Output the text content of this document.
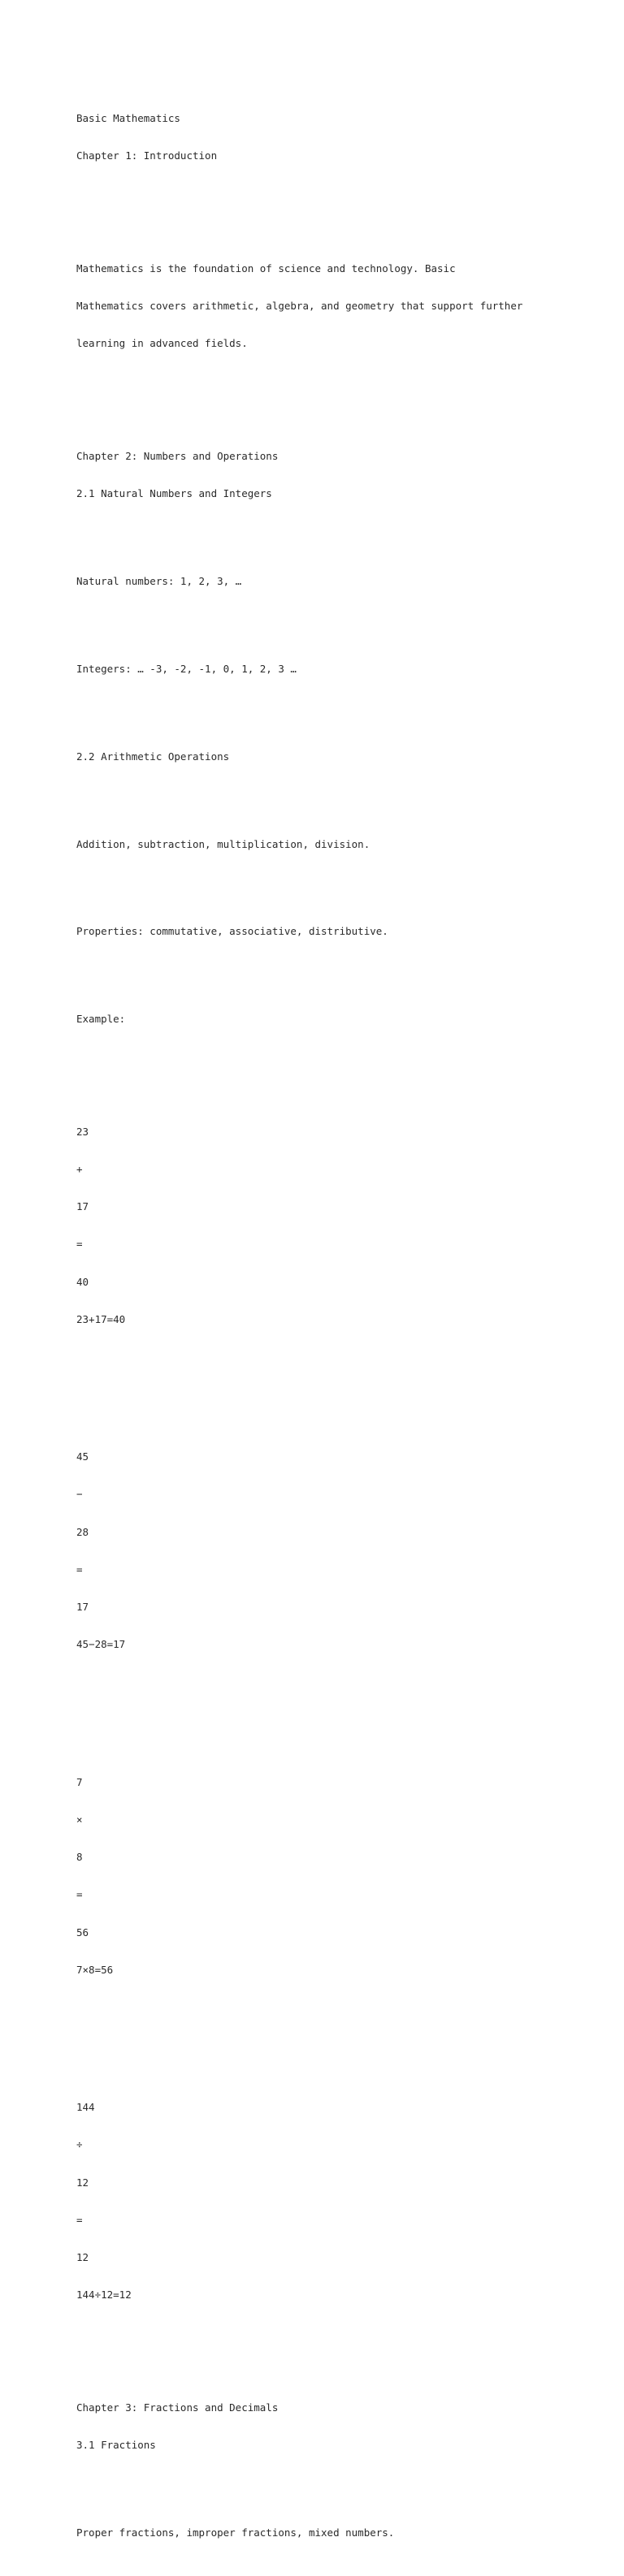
Basic Mathematics

Chapter 1: Introduction

Mathematics is the foundation of science and technology. Basic

Mathematics covers arithmetic, algebra, and geometry that support further

learning in advanced fields.

Chapter 2: Numbers and Operations

2.1 Natural Numbers and Integers

Natural numbers: 1, 2, 3, …

Integers: … -3, -2, -1, 0, 1, 2, 3 …

2.2 Arithmetic Operations

Addition, subtraction, multiplication, division.

Properties: commutative, associative, distributive.

Example:

23

+

17

=

40

23+17=40

45

−

28

=

17

45−28=17

7

×

8

=

56

7×8=56

144

÷

12

=

12

144÷12=12

Chapter 3: Fractions and Decimals

3.1 Fractions

Proper fractions, improper fractions, mixed numbers.
